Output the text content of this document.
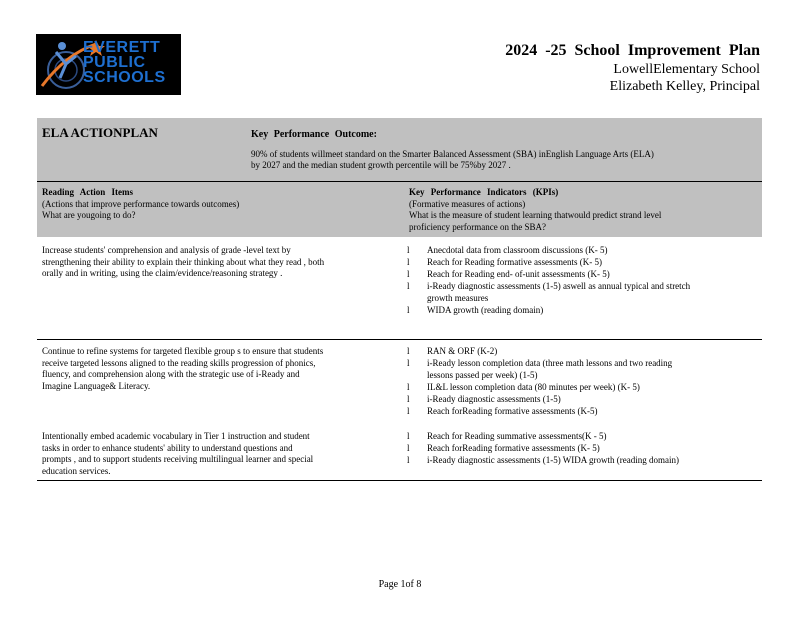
EVERETT
PUBLIC
SCHOOLS
2024 -25 School Improvement Plan
LowellElementary School
Elizabeth Kelley, Principal
ELA ACTIONPLAN	Key Performance Outcome:
90% of students willmeet standard on the Smarter Balanced Assessment (SBA) inEnglish Language Arts (ELA)
by 2027 and the median student growth percentile will be 75%by 2027 .
Reading Action Items
(Actions that improve performance towards outcomes)
What are yougoing to do?
Key Performance Indicators (KPIs)
(Formative measures of actions)
What is the measure of student learning thatwould predict strand level
proficiency performance on the SBA?
Increase students' comprehension and analysis of grade -level text by
strengthening their ability to explain their thinking about what they read , both
orally and in writing, using the claim/evidence/reasoning strategy .
l Anecdotal data from classroom discussions (K- 5)
l Reach for Reading formative assessments (K- 5)
l Reach for Reading end- of-unit assessments (K- 5)
l i-Ready diagnostic assessments (1-5) aswell as annual typical and stretch
growth measures
l WIDA growth (reading domain)
Continue to refine systems for targeted flexible group s to ensure that students
receive targeted lessons aligned to the reading skills progression of phonics,
fluency, and comprehension along with the strategic use of i-Ready and
Imagine Language& Literacy.
l RAN & ORF (K-2)
l i-Ready lesson completion data (three math lessons and two reading
lessons passed per week) (1-5)
l IL&L lesson completion data (80 minutes per week) (K- 5)
l i-Ready diagnostic assessments (1-5)
l Reach forReading formative assessments (K-5)
Intentionally embed academic vocabulary in Tier 1 instruction and student
tasks in order to enhance students' ability to understand questions and
prompts , and to support students receiving multilingual learner and special
education services.
l Reach for Reading summative assessments(K - 5)
l Reach forReading formative assessments (K- 5)
l i-Ready diagnostic assessments (1-5) WIDA growth (reading domain)
Page 1of 8
